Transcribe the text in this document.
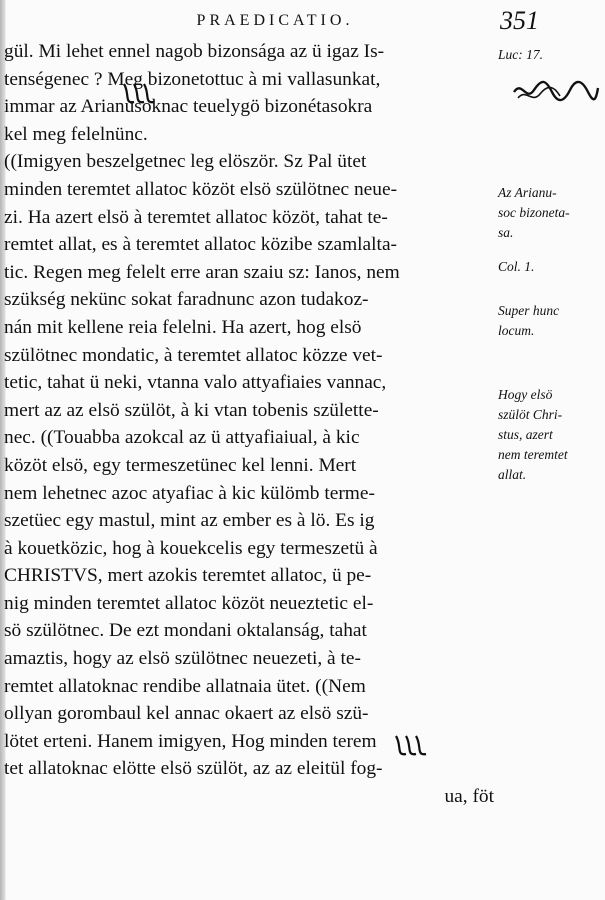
PRAEDICATIO.	351
gül. Mi lehet ennel nagob bizonsága az ü igaz Is-
tenségenec ? Meg bizonetottuc à mi vallasunkat,
immar az Arianusoknac teuelygö bizonétasokra
kel meg felelnünc.
((Imigyen beszelgetnec leg elöször. Sz Pal ütet
minden teremtet allatoc közöt elsö szülötnec neue-
zi. Ha azert elsö à teremtet allatoc közöt, tahat te-
remtet allat, es à teremtet allatoc közibe szamlalta-
tic. Regen meg felelt erre aran szaiu sz: Ianos, nem
szükség nekünc sokat faradnunc azon tudakoz-
nán mit kellene reia felelni. Ha azert, hog elsö
szülötnec mondatic, à teremtet allatoc közze vet-
tetic, tahat ü neki, vtanna valo attyafiaies vannac,
mert az az elsö szülöt, à ki vtan tobenis születte-
nec. ((Touabba azokcal az ü attyafiaiual, à kic
közöt elsö, egy termeszetünec kel lenni. Mert
nem lehetnec azoc atyafiac à kic külömb terme-
szetüec egy mastul, mint az ember es à lö. Es ig
à kouetközic, hog à kouekcelis egy termeszetü à
CHRISTVS, mert azokis teremtet allatoc, ü pe-
nig minden teremtet allatoc közöt neueztetic el-
sö szülötnec. De ezt mondani oktalanság, tahat
amaztis, hogy az elsö szülötnec neuezeti, à te-
remtet allatoknac rendibe allatnaia ütet. ((Nem
ollyan gorombaul kel annac okaert az elsö szü-
lötet erteni. Hanem imigyen, Hog minden terem
tet allatoknac elötte elsö szülöt, az az eleitül fog-
ua, föt
Luc: 17.
Az Arianu-
soc bizoneta-
sa.
Col. 1.
Super hunc
locum.
Hogy elsö
szülöt Chri-
stus, azert
nem teremtet
allat.
